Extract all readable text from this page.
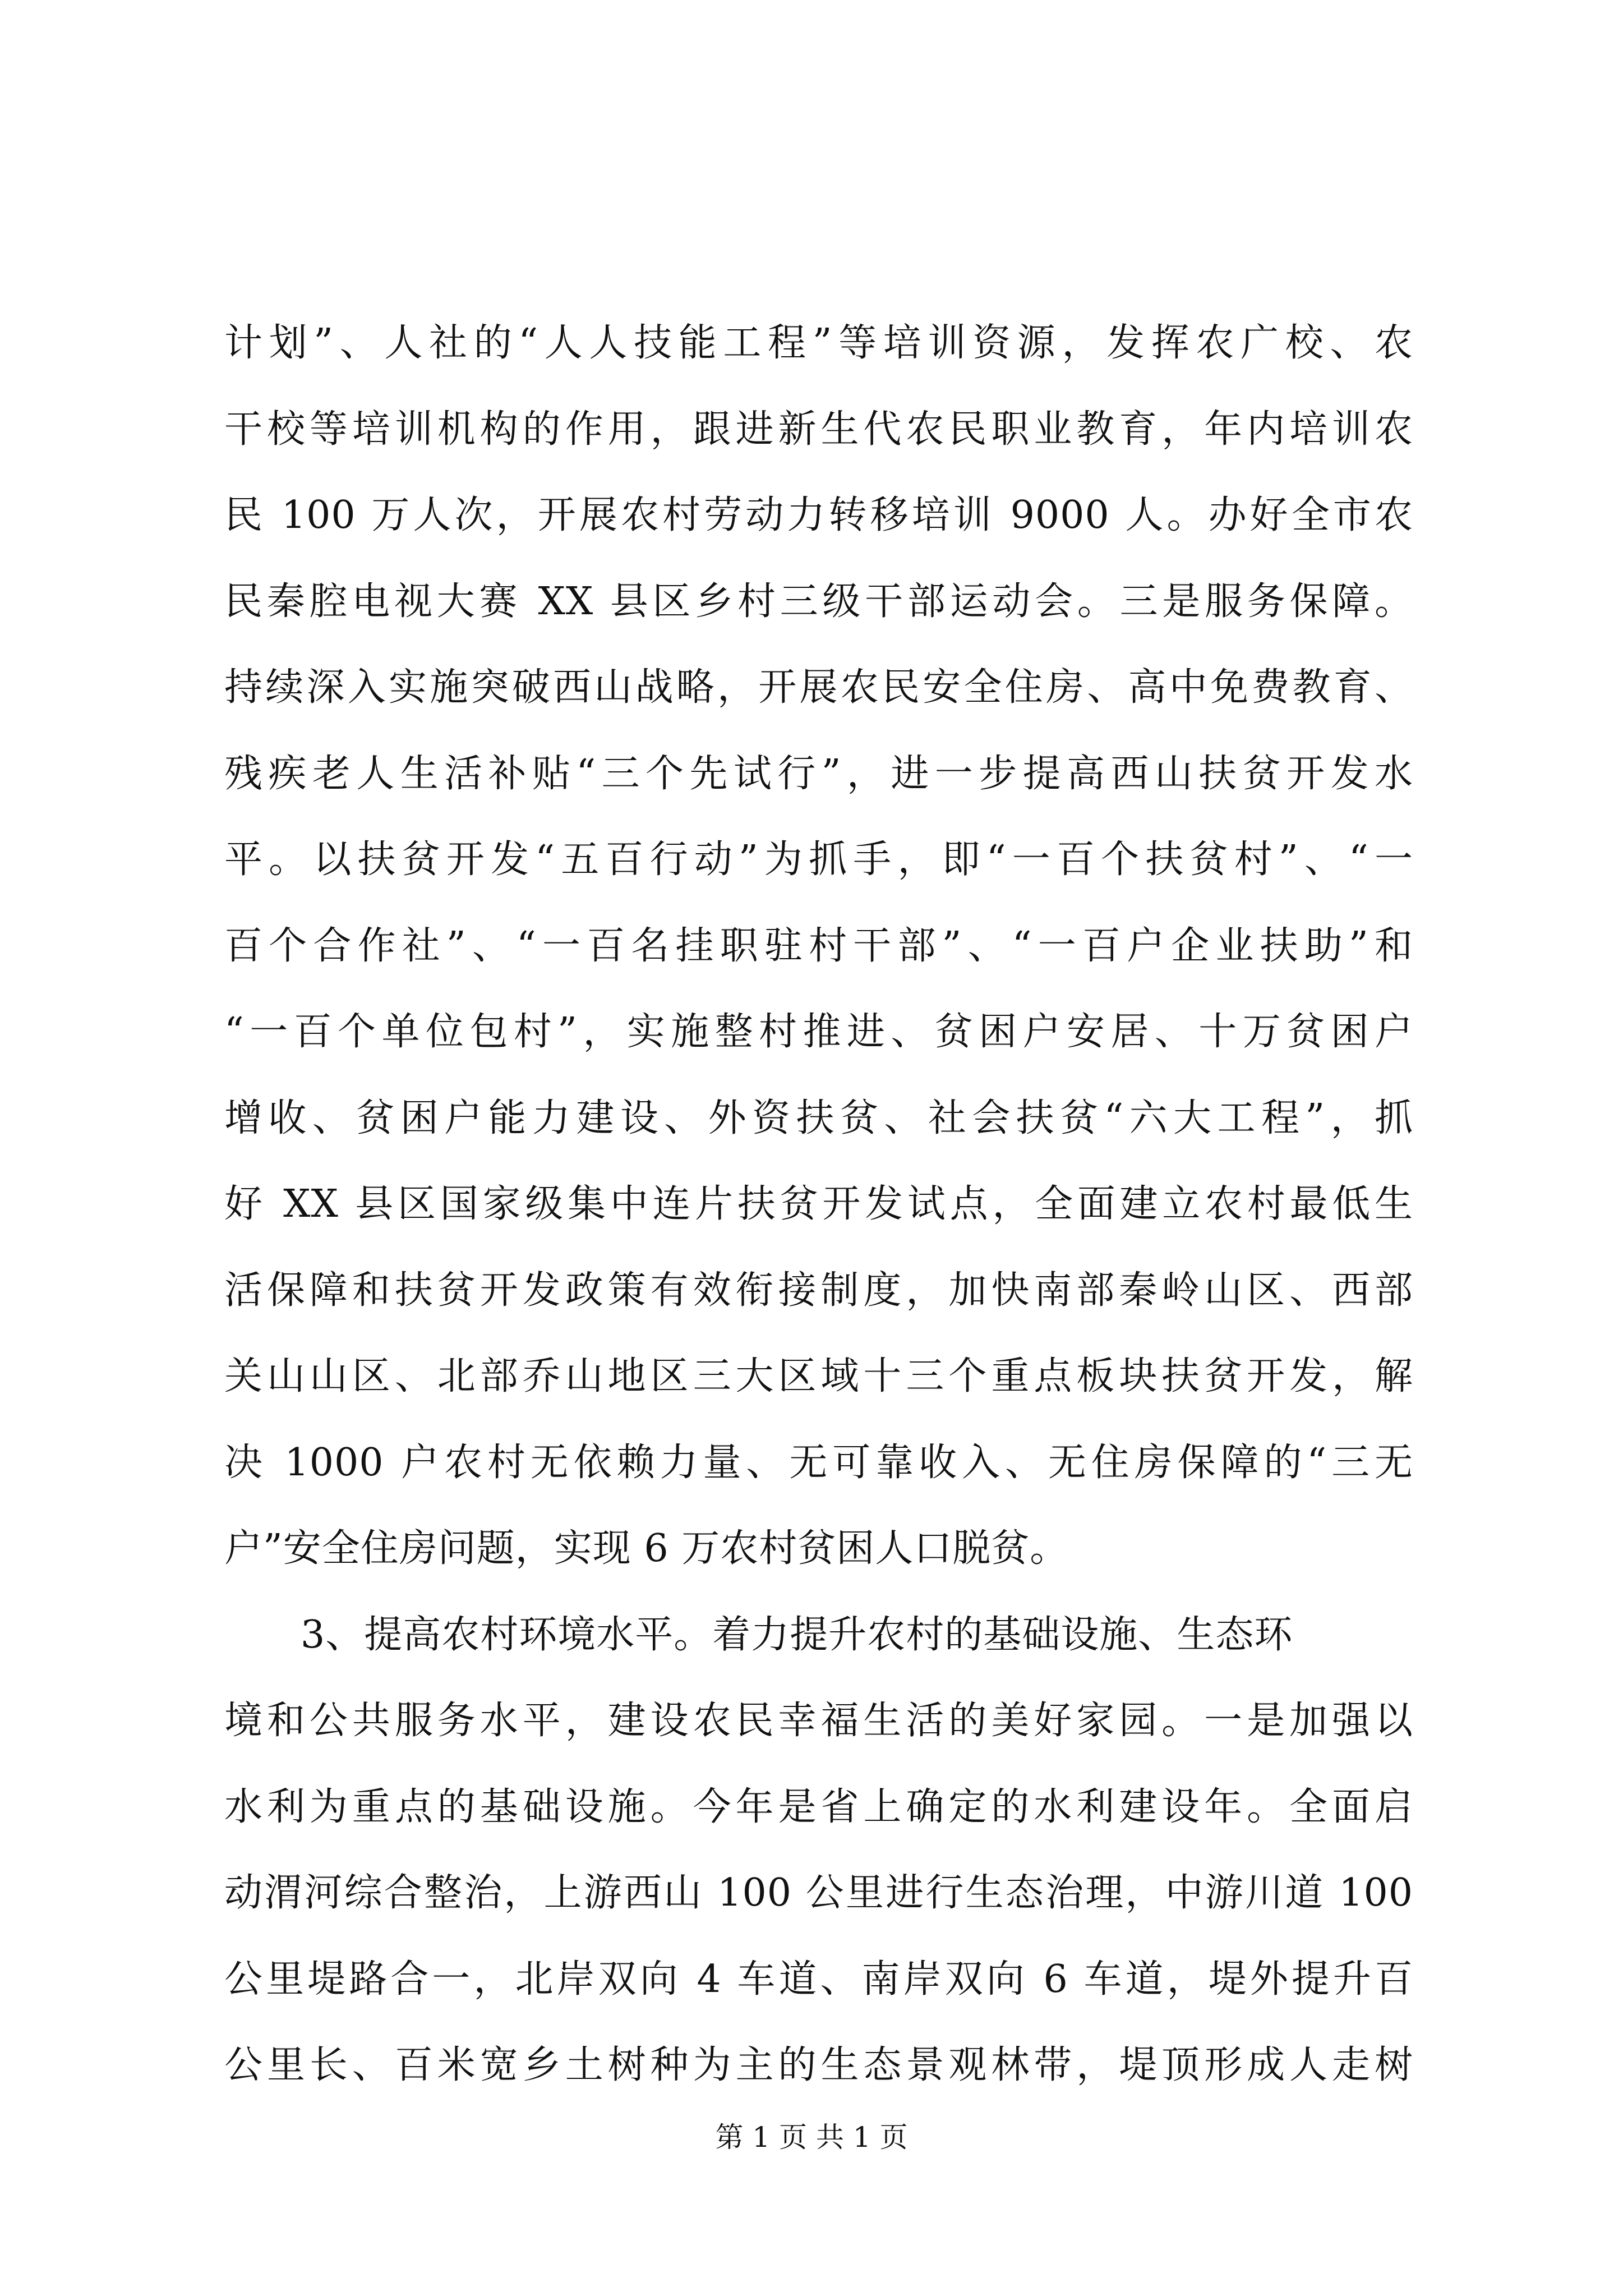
计划”、人社的“人人技能工程”等培训资源，发挥农广校、农
干校等培训机构的作用，跟进新生代农民职业教育，年内培训农
民 100 万人次，开展农村劳动力转移培训 9000 人。办好全市农
民秦腔电视大赛 XX 县区乡村三级干部运动会。三是服务保障。
持续深入实施突破西山战略，开展农民安全住房、高中免费教育、
残疾老人生活补贴“三个先试行”，进一步提高西山扶贫开发水
平。以扶贫开发“五百行动”为抓手，即“一百个扶贫村”、“一
百个合作社”、“一百名挂职驻村干部”、“一百户企业扶助”和
“一百个单位包村”，实施整村推进、贫困户安居、十万贫困户
增收、贫困户能力建设、外资扶贫、社会扶贫“六大工程”，抓
好 XX 县区国家级集中连片扶贫开发试点，全面建立农村最低生
活保障和扶贫开发政策有效衔接制度，加快南部秦岭山区、西部
关山山区、北部乔山地区三大区域十三个重点板块扶贫开发，解
决 1000 户农村无依赖力量、无可靠收入、无住房保障的“三无
户”安全住房问题，实现 6 万农村贫困人口脱贫。
3、提高农村环境水平。着力提升农村的基础设施、生态环
境和公共服务水平，建设农民幸福生活的美好家园。一是加强以
水利为重点的基础设施。今年是省上确定的水利建设年。全面启
动渭河综合整治，上游西山 100 公里进行生态治理，中游川道 100
公里堤路合一，北岸双向 4 车道、南岸双向 6 车道，堤外提升百
公里长、百米宽乡土树种为主的生态景观林带，堤顶形成人走树
第 1 页 共 1 页
